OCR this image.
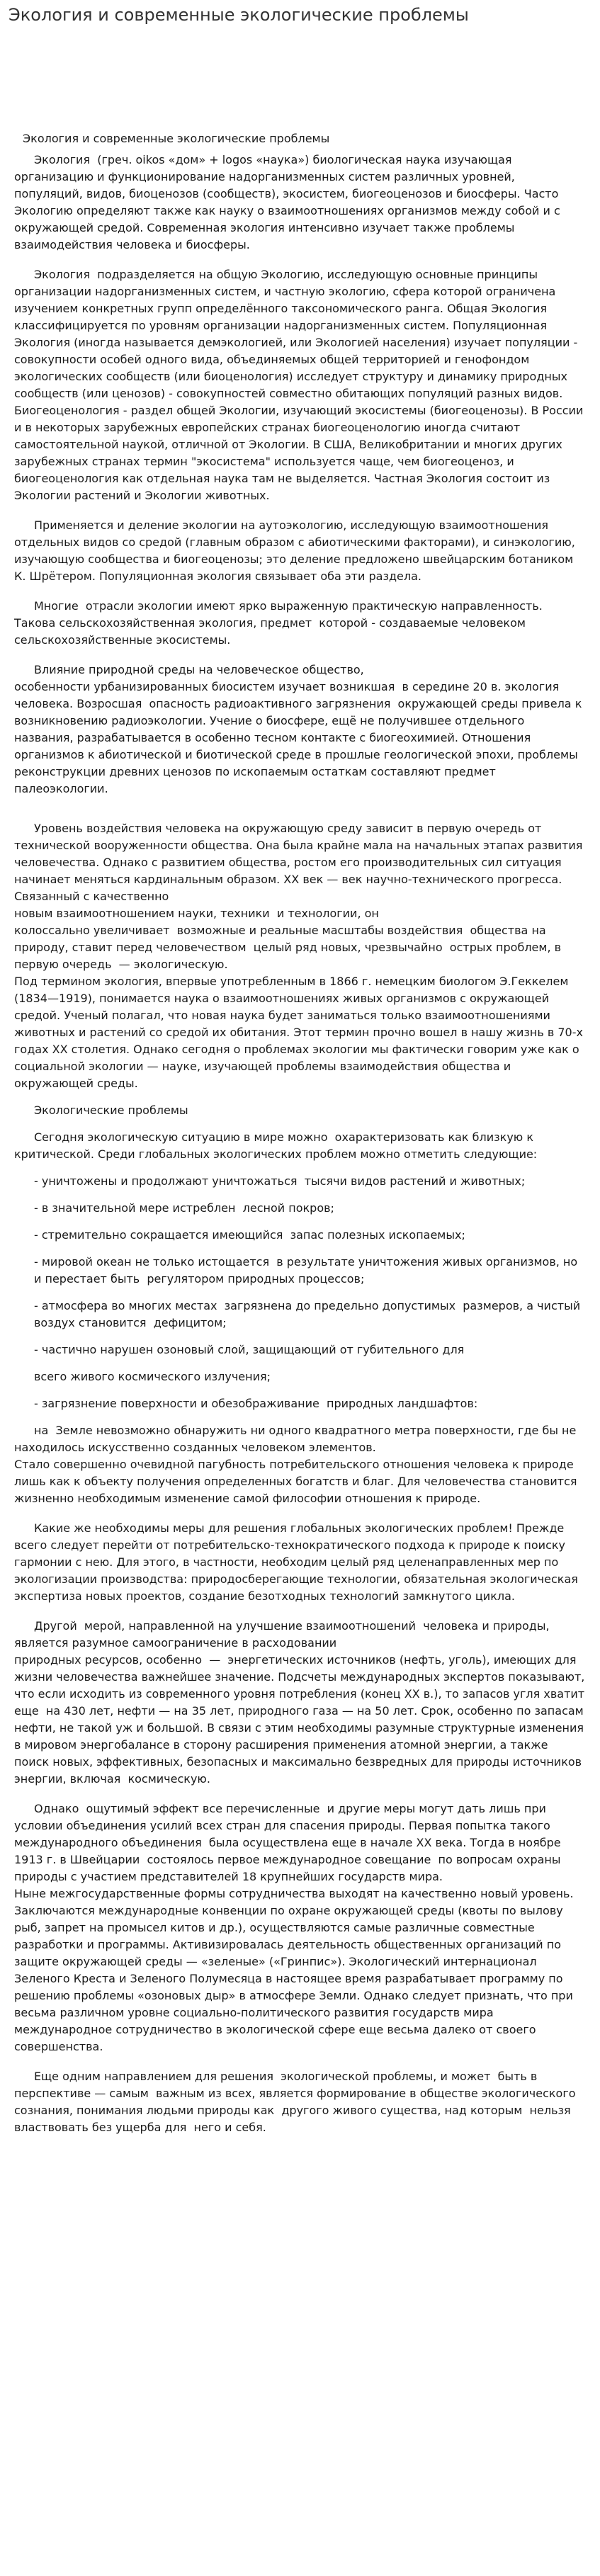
Экология и современные экологические проблемы
Экология и современные экологические проблемы

Экология  (греч. oikos «дом» + logos «наука») биологическая наука изучающая организацию и функционирование надорганизменных систем различных уровней, популяций, видов, биоценозов (сообществ), экосистем, биогеоценозов и биосферы. Часто Экологию определяют также как науку о взаимоотношениях организмов между собой и с окружающей средой. Современная экология интенсивно изучает также проблемы взаимодействия человека и биосферы.

Экология  подразделяется на общую Экологию, исследующую основные принципы организации надорганизменных систем, и частную экологию, сфера которой ограничена изучением конкретных групп определённого таксономического ранга. Общая Экология классифицируется по уровням организации надорганизменных систем. Популяционная Экология (иногда называется демэкологией, или Экологией населения) изучает популяции - совокупности особей одного вида, объединяемых общей территорией и генофондом экологических сообществ (или биоценология) исследует структуру и динамику природных сообществ (или ценозов) - совокупностей совместно обитающих популяций разных видов. Биогеоценология - раздел общей Экологии, изучающий экосистемы (биогеоценозы). В России и в некоторых зарубежных европейских странах биогеоценологию иногда считают самостоятельной наукой, отличной от Экологии. В США, Великобритании и многих других зарубежных странах термин "экосистема" используется чаще, чем биогеоценоз, и биогеоценология как отдельная наука там не выделяется. Частная Экология состоит из Экологии растений и Экологии животных.

Применяется и деление экологии на аутоэкологию, исследующую взаимоотношения отдельных видов со средой (главным образом с абиотическими факторами), и синэкологию, изучающую сообщества и биогеоценозы; это деление предложено швейцарским ботаником К. Шрётером. Популяционная экология связывает оба эти раздела.

Многие  отрасли экологии имеют ярко выраженную практическую направленность. Такова сельскохозяйственная экология, предмет  которой - создаваемые человеком  сельскохозяйственные экосистемы.

Влияние природной среды на человеческое общество,
особенности урбанизированных биосистем изучает возникшая  в середине 20 в. экология человека. Возросшая  опасность радиоактивного загрязнения  окружающей среды привела к возникновению радиоэкологии. Учение о биосфере, ещё не получившее отдельного названия, разрабатывается в особенно тесном контакте с биогеохимией. Отношения организмов к абиотической и биотической среде в прошлые геологической эпохи, проблемы реконструкции древних ценозов по ископаемым остаткам составляют предмет палеоэкологии.

Уровень воздействия человека на окружающую среду зависит в первую очередь от технической вооруженности общества. Она была крайне мала на начальных этапах развития человечества. Однако с развитием общества, ростом его производительных сил ситуация начинает меняться кардинальным образом. XX век — век научно-технического прогресса. Связанный с качественно
новым взаимоотношением науки, техники  и технологии, он
колоссально увеличивает  возможные и реальные масштабы воздействия  общества на природу, ставит перед человечеством  целый ряд новых, чрезвычайно  острых проблем, в первую очередь  — экологическую.

Под термином экология, впервые употребленным в 1866 г. немецким биологом Э.Геккелем (1834—1919), понимается наука о взаимоотношениях живых организмов с окружающей средой. Ученый полагал, что новая наука будет заниматься только взаимоотношениями животных и растений со средой их обитания. Этот термин прочно вошел в нашу жизнь в 70-х годах XX столетия. Однако сегодня о проблемах экологии мы фактически говорим уже как о социальной экологии — науке, изучающей проблемы взаимодействия общества и окружающей среды.

Экологические проблемы

Сегодня экологическую ситуацию в мире можно  охарактеризовать как близкую к критической. Среди глобальных экологических проблем можно отметить следующие:

- уничтожены и продолжают уничтожаться  тысячи видов растений и животных;
- в значительной мере истреблен  лесной покров;
- стремительно сокращается имеющийся  запас полезных ископаемых;
- мировой океан не только истощается  в результате уничтожения живых организмов, но и перестает быть  регулятором природных процессов;
- атмосфера во многих местах  загрязнена до предельно допустимых  размеров, а чистый воздух становится  дефицитом;
- частично нарушен озоновый слой, защищающий от губительного для
всего живого космического излучения;
- загрязнение поверхности и обезображивание  природных ландшафтов:

на  Земле невозможно обнаружить ни одного квадратного метра поверхности, где бы не находилось искусственно созданных человеком элементов.
Стало совершенно очевидной пагубность потребительского отношения человека к природе лишь как к объекту получения определенных богатств и благ. Для человечества становится жизненно необходимым изменение самой философии отношения к природе.

Какие же необходимы меры для решения глобальных экологических проблем! Прежде всего следует перейти от потребительско-технократического подхода к природе к поиску гармонии с нею. Для этого, в частности, необходим целый ряд целенаправленных мер по экологизации производства: природосберегающие технологии, обязательная экологическая экспертиза новых проектов, создание безотходных технологий замкнутого цикла.

Другой  мерой, направленной на улучшение взаимоотношений  человека и природы, является разумное самоограничение в расходовании
природных ресурсов, особенно  —  энергетических источников (нефть, уголь), имеющих для жизни человечества важнейшее значение. Подсчеты международных экспертов показывают, что если исходить из современного уровня потребления (конец XX в.), то запасов угля хватит еще  на 430 лет, нефти — на 35 лет, природного газа — на 50 лет. Срок, особенно по запасам  нефти, не такой уж и большой. В связи с этим необходимы разумные структурные изменения в мировом энергобалансе в сторону расширения применения атомной энергии, а также поиск новых, эффективных, безопасных и максимально безвредных для природы источников энергии, включая  космическую.

Однако  ощутимый эффект все перечисленные  и другие меры могут дать лишь при  условии объединения усилий всех стран для спасения природы. Первая попытка такого международного объединения  была осуществлена еще в начале XX века. Тогда в ноябре 1913 г. в Швейцарии  состоялось первое международное совещание  по вопросам охраны природы с участием представителей 18 крупнейших государств мира.
Ныне межгосударственные формы сотрудничества выходят на качественно новый уровень. Заключаются международные конвенции по охране окружающей среды (квоты по вылову рыб, запрет на промысел китов и др.), осуществляются самые различные совместные разработки и программы. Активизировалась деятельность общественных организаций по защите окружающей среды — «зеленые» («Гринпис»). Экологический интернационал Зеленого Креста и Зеленого Полумесяца в настоящее время разрабатывает программу по решению проблемы «озоновых дыр» в атмосфере Земли. Однако следует признать, что при весьма различном уровне социально-политического развития государств мира международное сотрудничество в экологической сфере еще весьма далеко от своего совершенства.

Еще одним направлением для решения  экологической проблемы, и может  быть в перспективе — самым  важным из всех, является формирование в обществе экологического сознания, понимания людьми природы как  другого живого существа, над которым  нельзя властвовать без ущерба для  него и себя.
